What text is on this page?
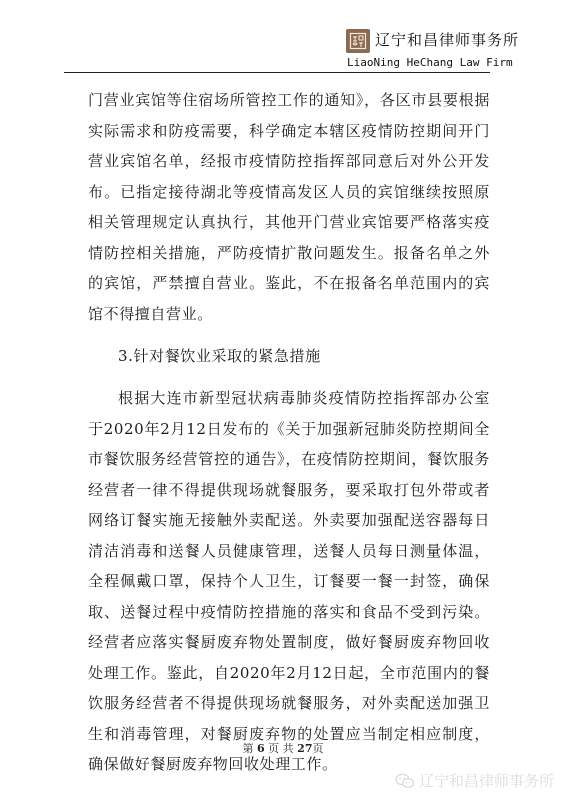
辽宁和昌律师事务所
LiaoNing HeChang Law Firm

门营业宾馆等住宿场所管控工作的通知》，各区市县要根据实际需求和防疫需要，科学确定本辖区疫情防控期间开门营业宾馆名单，经报市疫情防控指挥部同意后对外公开发布。已指定接待湖北等疫情高发区人员的宾馆继续按照原相关管理规定认真执行，其他开门营业宾馆要严格落实疫情防控相关措施，严防疫情扩散问题发生。报备名单之外的宾馆，严禁擅自营业。鉴此，不在报备名单范围内的宾馆不得擅自营业。

3.针对餐饮业采取的紧急措施

根据大连市新型冠状病毒肺炎疫情防控指挥部办公室于2020年2月12日发布的《关于加强新冠肺炎防控期间全市餐饮服务经营管控的通告》，在疫情防控期间，餐饮服务经营者一律不得提供现场就餐服务，要采取打包外带或者网络订餐实施无接触外卖配送。外卖要加强配送容器每日清洁消毒和送餐人员健康管理，送餐人员每日测量体温，全程佩戴口罩，保持个人卫生，订餐要一餐一封签，确保取、送餐过程中疫情防控措施的落实和食品不受到污染。经营者应落实餐厨废弃物处置制度，做好餐厨废弃物回收处理工作。鉴此，自2020年2月12日起，全市范围内的餐饮服务经营者不得提供现场就餐服务，对外卖配送加强卫生和消毒管理，对餐厨废弃物的处置应当制定相应制度，确保做好餐厨废弃物回收处理工作。

第 6 页 共 27页
辽宁和昌律师事务所
